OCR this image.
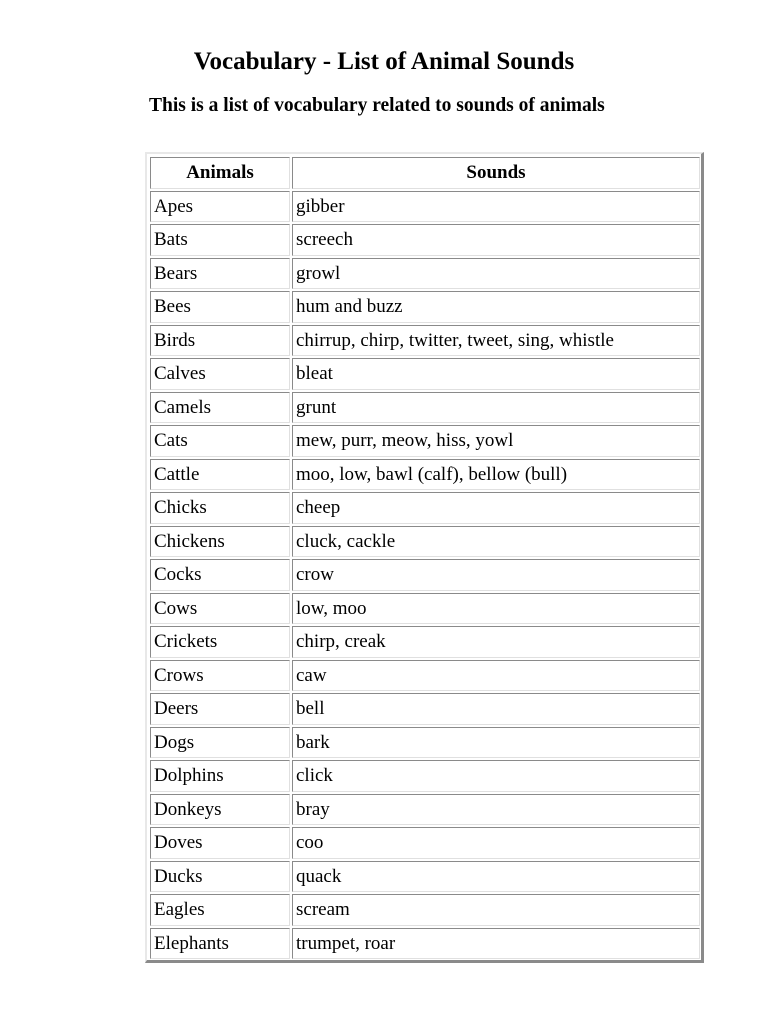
Vocabulary - List of Animal Sounds

This is a list of vocabulary related to sounds of animals

Animals	Sounds
Apes	gibber
Bats	screech
Bears	growl
Bees	hum and buzz
Birds	chirrup, chirp, twitter, tweet, sing, whistle
Calves	bleat
Camels	grunt
Cats	mew, purr, meow, hiss, yowl
Cattle	moo, low, bawl (calf), bellow (bull)
Chicks	cheep
Chickens	cluck, cackle
Cocks	crow
Cows	low, moo
Crickets	chirp, creak
Crows	caw
Deers	bell
Dogs	bark
Dolphins	click
Donkeys	bray
Doves	coo
Ducks	quack
Eagles	scream
Elephants	trumpet, roar
